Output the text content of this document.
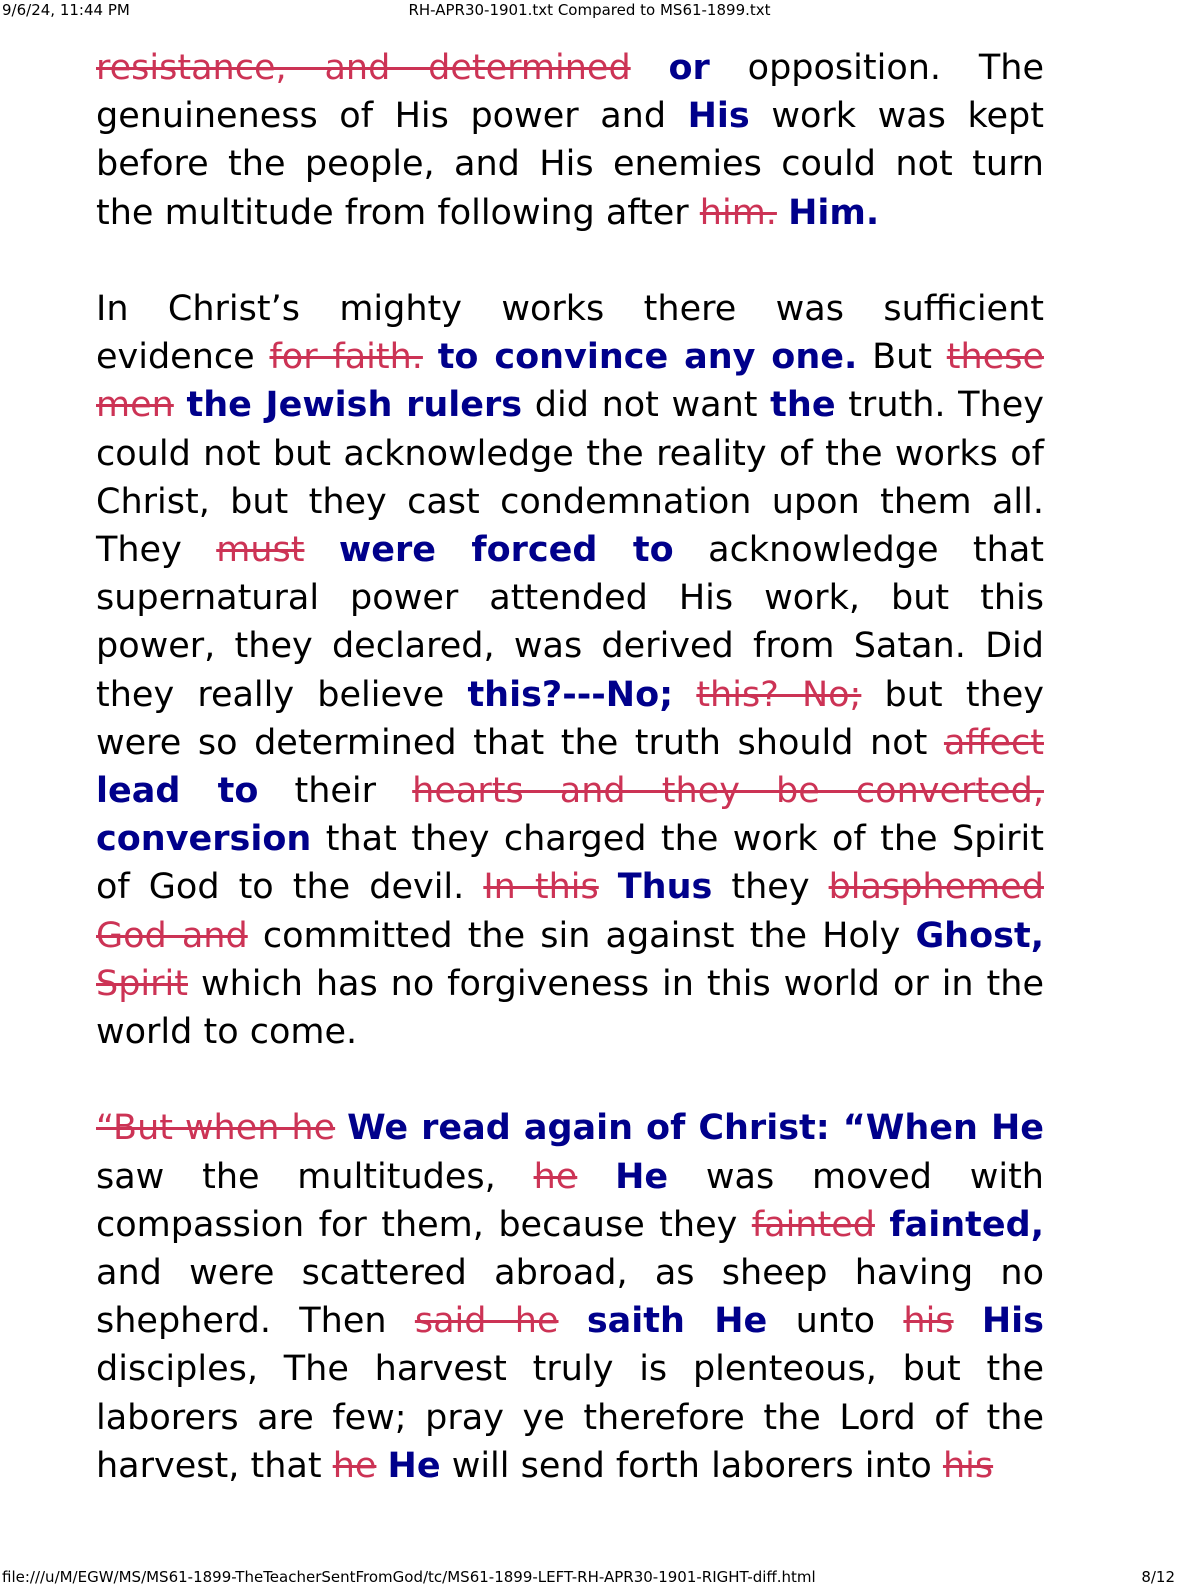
9/6/24, 11:44 PM	RH-APR30-1901.txt Compared to MS61-1899.txt

resistance, and determined or opposition. The genuineness of His power and His work was kept before the people, and His enemies could not turn the multitude from following after him. Him.

In Christ’s mighty works there was sufficient evidence for faith. to convince any one. But these men the Jewish rulers did not want the truth. They could not but acknowledge the reality of the works of Christ, but they cast condemnation upon them all. They must were forced to acknowledge that supernatural power attended His work, but this power, they declared, was derived from Satan. Did they really believe this?---No; this? No; but they were so determined that the truth should not affect lead to their hearts and they be converted, conversion that they charged the work of the Spirit of God to the devil. In this Thus they blasphemed God and committed the sin against the Holy Ghost, Spirit which has no forgiveness in this world or in the world to come.

“But when he We read again of Christ: “When He saw the multitudes, he He was moved with compassion for them, because they fainted fainted, and were scattered abroad, as sheep having no shepherd. Then said he saith He unto his His disciples, The harvest truly is plenteous, but the laborers are few; pray ye therefore the Lord of the harvest, that he He will send forth laborers into his

file:///u/M/EGW/MS/MS61-1899-TheTeacherSentFromGod/tc/MS61-1899-LEFT-RH-APR30-1901-RIGHT-diff.html	8/12
